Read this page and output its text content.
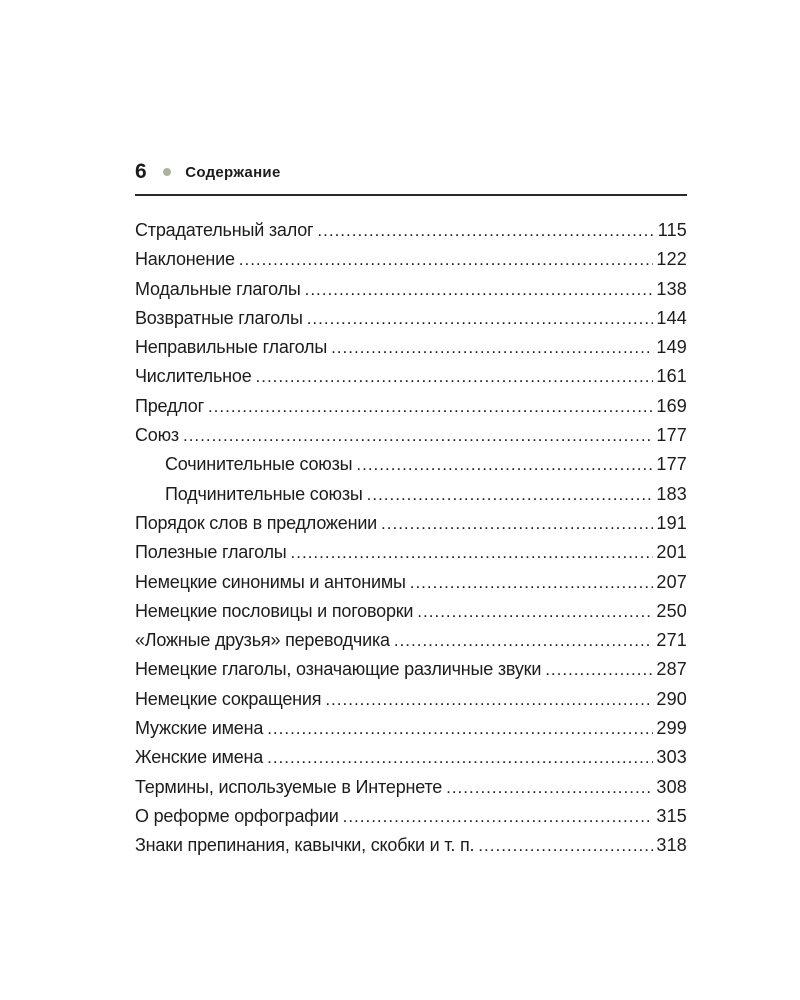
6	Содержание
Страдательный залог .....	115
Наклонение .....	122
Модальные глаголы .....	138
Возвратные глаголы .....	144
Неправильные глаголы .....	149
Числительное .....	161
Предлог .....	169
Союз .....	177
Сочинительные союзы .....	177
Подчинительные союзы .....	183
Порядок слов в предложении .....	191
Полезные глаголы .....	201
Немецкие синонимы и антонимы .....	207
Немецкие пословицы и поговорки .....	250
«Ложные друзья» переводчика .....	271
Немецкие глаголы, означающие различные звуки .....	287
Немецкие сокращения .....	290
Мужские имена .....	299
Женские имена .....	303
Термины, используемые в Интернете .....	308
О реформе орфографии .....	315
Знаки препинания, кавычки, скобки и т. п. .....	318
